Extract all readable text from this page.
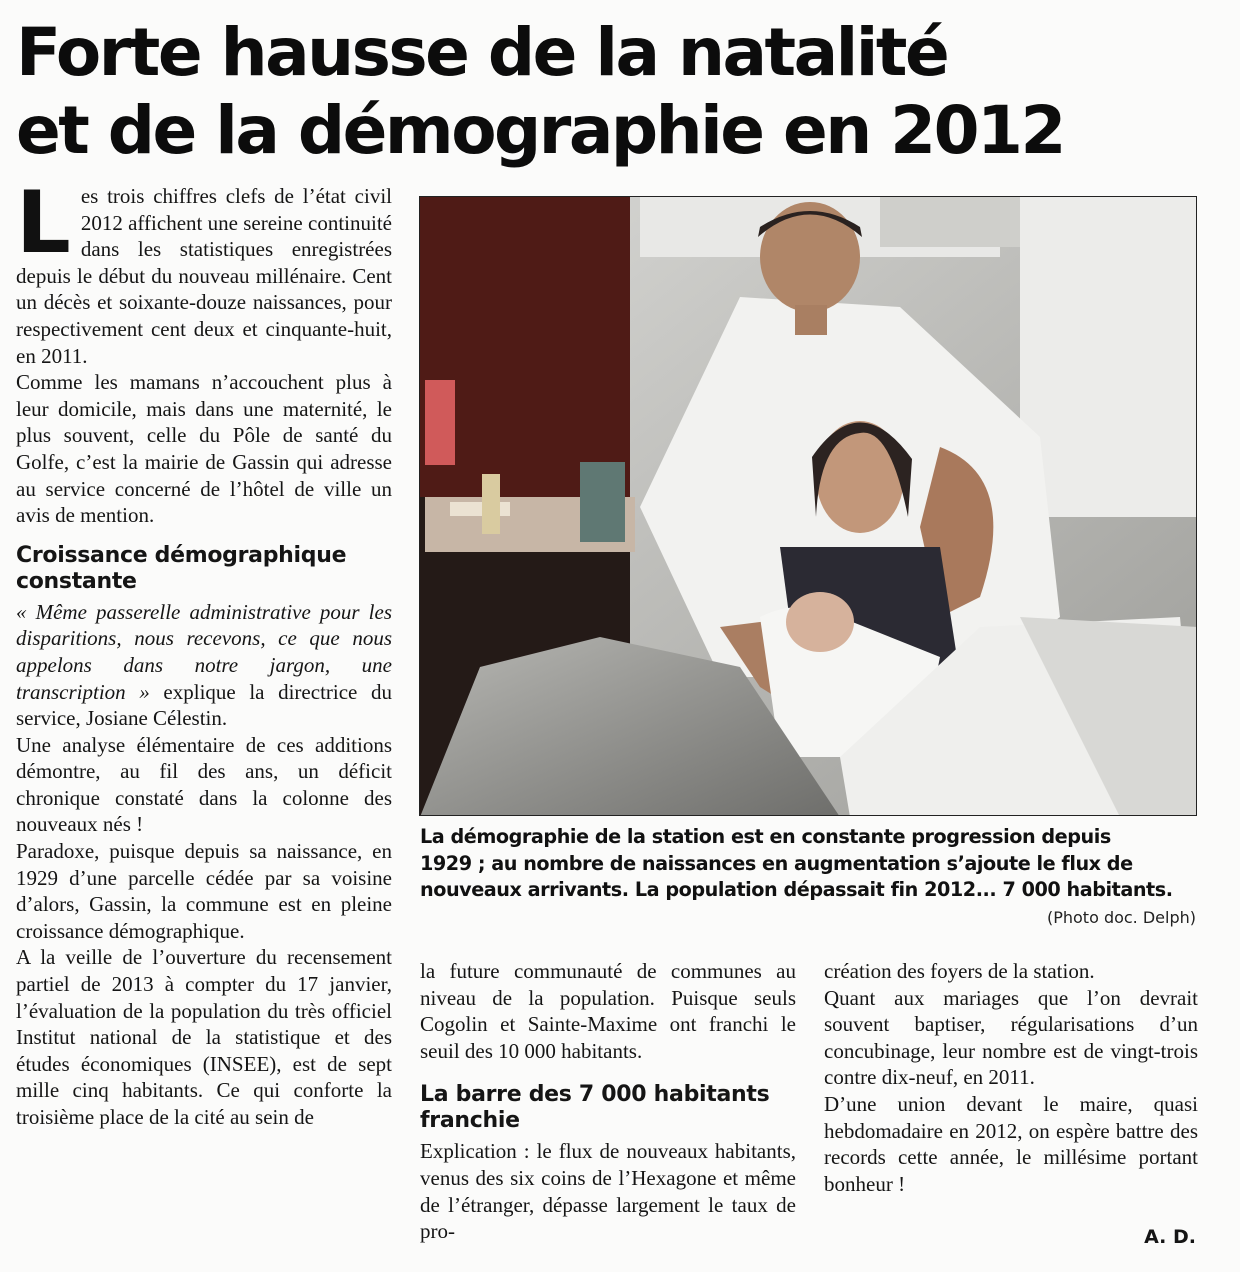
Forte hausse de la natalité
et de la démographie en 2012

Les trois chiffres clefs de l’état civil 2012 affichent une sereine continuité dans les statistiques enregistrées depuis le début du nouveau millénaire. Cent un décès et soixante-douze naissances, pour respectivement cent deux et cinquante-huit, en 2011.

Comme les mamans n’accouchent plus à leur domicile, mais dans une maternité, le plus souvent, celle du Pôle de santé du Golfe, c’est la mairie de Gassin qui adresse au service concerné de l’hôtel de ville un avis de mention.

Croissance démographique constante

« Même passerelle administrative pour les disparitions, nous recevons, ce que nous appelons dans notre jargon, une transcription » explique la directrice du service, Josiane Célestin.

Une analyse élémentaire de ces additions démontre, au fil des ans, un déficit chronique constaté dans la colonne des nouveaux nés !

Paradoxe, puisque depuis sa naissance, en 1929 d’une parcelle cédée par sa voisine d’alors, Gassin, la commune est en pleine croissance démographique.

A la veille de l’ouverture du recensement partiel de 2013 à compter du 17 janvier, l’évaluation de la population du très officiel Institut national de la statistique et des études économiques (INSEE), est de sept mille cinq habitants. Ce qui conforte la troisième place de la cité au sein de

La démographie de la station est en constante progression depuis
1929 ; au nombre de naissances en augmentation s’ajoute le flux de
nouveaux arrivants. La population dépassait fin 2012... 7 000 habitants.
(Photo doc. Delph)

la future communauté de communes au niveau de la population. Puisque seuls Cogolin et Sainte-Maxime ont franchi le seuil des 10 000 habitants.

La barre des 7 000 habitants franchie

Explication : le flux de nouveaux habitants, venus des six coins de l’Hexagone et même de l’étranger, dépasse largement le taux de pro-

création des foyers de la station.

Quant aux mariages que l’on devrait souvent baptiser, régularisations d’un concubinage, leur nombre est de vingt-trois contre dix-neuf, en 2011.

D’une union devant le maire, quasi hebdomadaire en 2012, on espère battre des records cette année, le millésime portant bonheur !

A. D.
